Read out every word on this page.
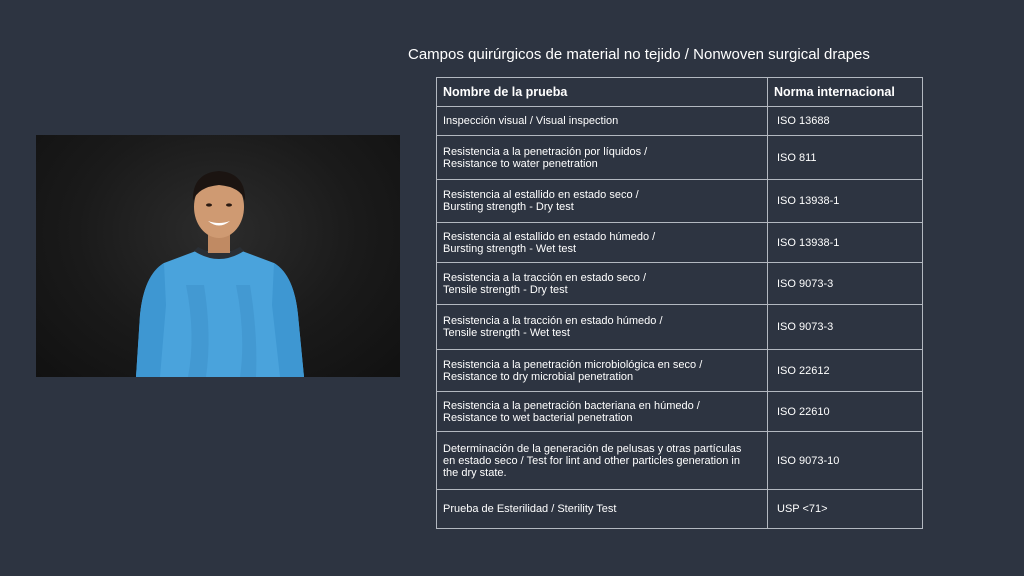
Campos quirúrgicos de material no tejido / Nonwoven surgical drapes
Nombre de la prueba	Norma internacional
Inspección visual / Visual inspection	ISO 13688
Resistencia a la penetración por líquidos /
Resistance to water penetration	ISO 811
Resistencia al estallido en estado seco /
Bursting strength - Dry test	ISO 13938-1
Resistencia al estallido en estado húmedo /
Bursting strength - Wet test	ISO 13938-1
Resistencia a la tracción en estado seco /
Tensile strength - Dry test	ISO 9073-3
Resistencia a la tracción en estado húmedo /
Tensile strength - Wet test	ISO 9073-3
Resistencia a la penetración microbiológica en seco /
Resistance to dry microbial penetration	ISO 22612
Resistencia a la penetración bacteriana en húmedo /
Resistance to wet bacterial penetration	ISO 22610
Determinación de la generación de pelusas y otras partículas
en estado seco / Test for lint and other particles generation in
the dry state.	ISO 9073-10
Prueba de Esterilidad / Sterility Test	USP <71>
